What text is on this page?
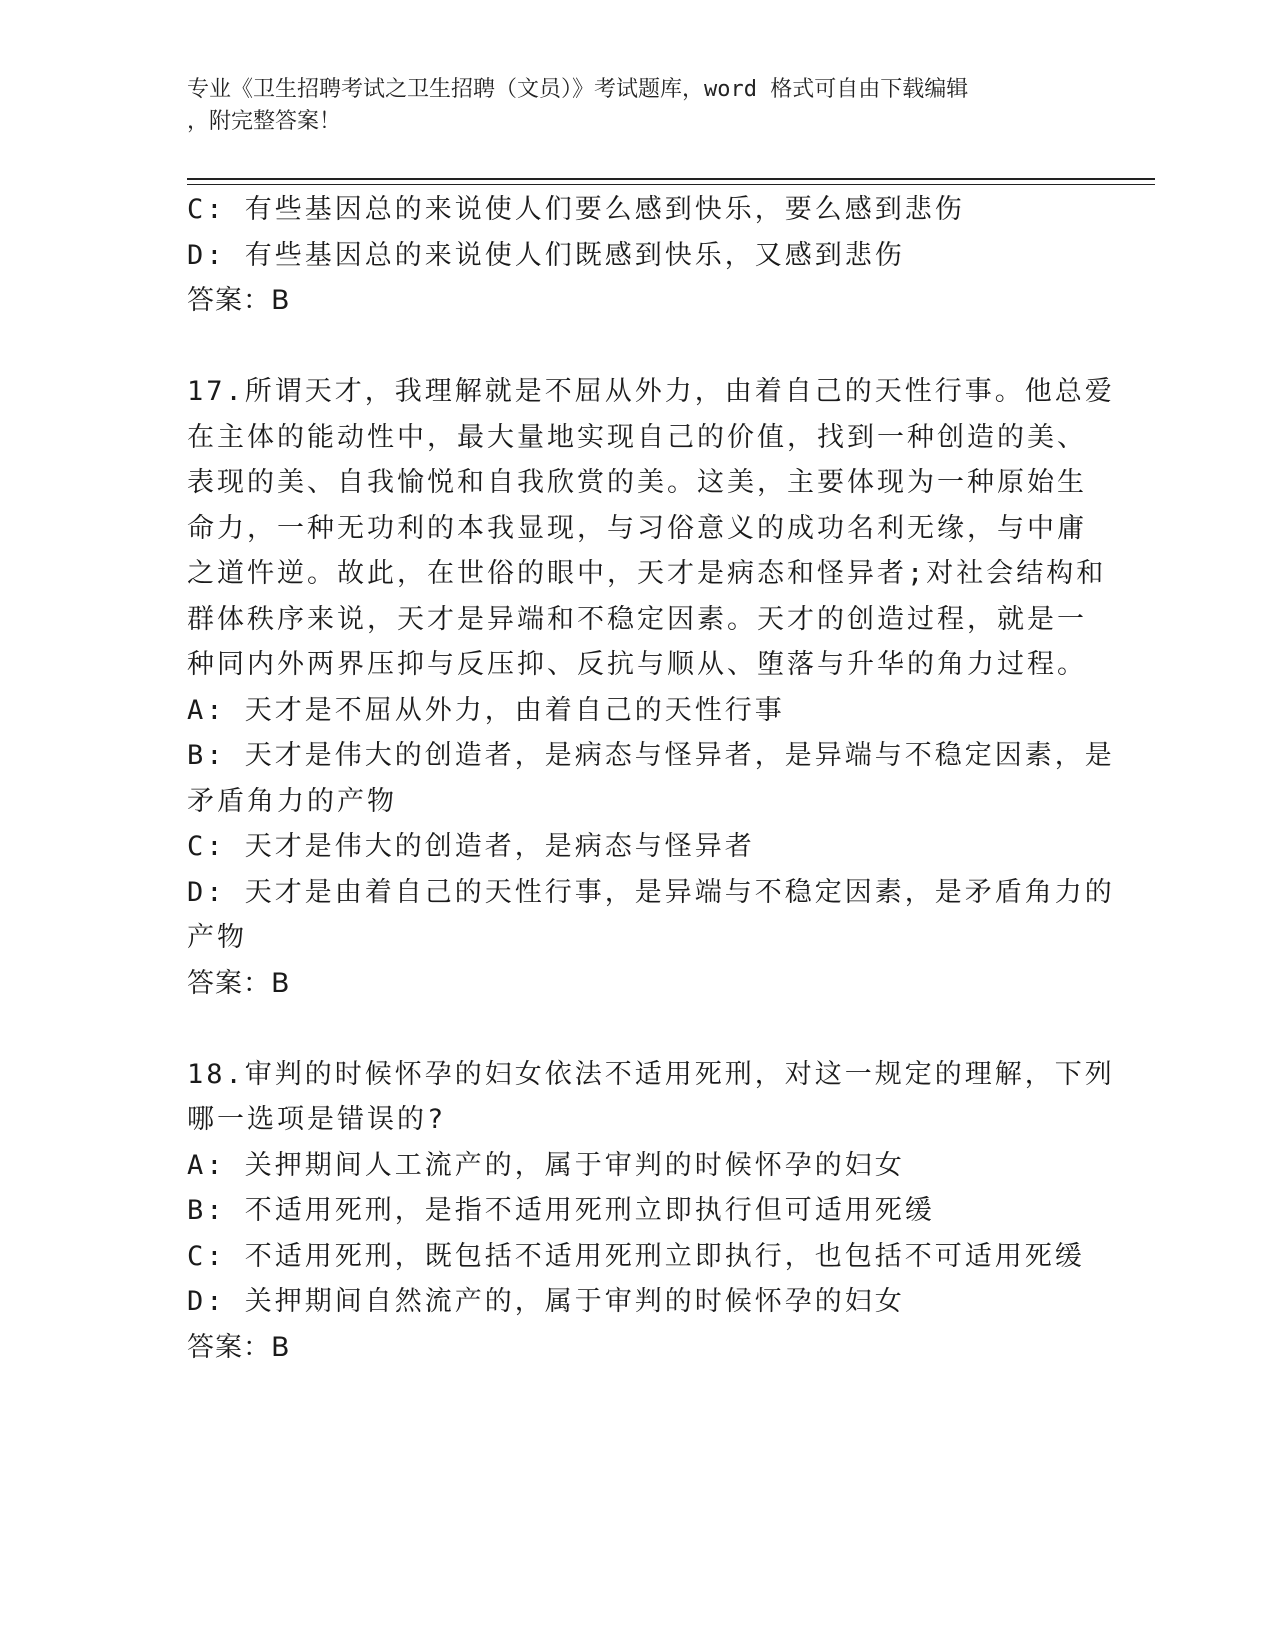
专业《卫生招聘考试之卫生招聘（文员）》考试题库，word 格式可自由下载编辑
，附完整答案！
C: 有些基因总的来说使人们要么感到快乐，要么感到悲伤
D: 有些基因总的来说使人们既感到快乐，又感到悲伤
答案：B
17.所谓天才，我理解就是不屈从外力，由着自己的天性行事。他总爱
在主体的能动性中，最大量地实现自己的价值，找到一种创造的美、
表现的美、自我愉悦和自我欣赏的美。这美，主要体现为一种原始生
命力，一种无功利的本我显现，与习俗意义的成功名利无缘，与中庸
之道忤逆。故此，在世俗的眼中，天才是病态和怪异者;对社会结构和
群体秩序来说，天才是异端和不稳定因素。天才的创造过程，就是一
种同内外两界压抑与反压抑、反抗与顺从、堕落与升华的角力过程。
A: 天才是不屈从外力，由着自己的天性行事
B: 天才是伟大的创造者，是病态与怪异者，是异端与不稳定因素，是
矛盾角力的产物
C: 天才是伟大的创造者，是病态与怪异者
D: 天才是由着自己的天性行事，是异端与不稳定因素，是矛盾角力的
产物
答案：B
18.审判的时候怀孕的妇女依法不适用死刑，对这一规定的理解，下列
哪一选项是错误的?
A: 关押期间人工流产的，属于审判的时候怀孕的妇女
B: 不适用死刑，是指不适用死刑立即执行但可适用死缓
C: 不适用死刑，既包括不适用死刑立即执行，也包括不可适用死缓
D: 关押期间自然流产的，属于审判的时候怀孕的妇女
答案：B
